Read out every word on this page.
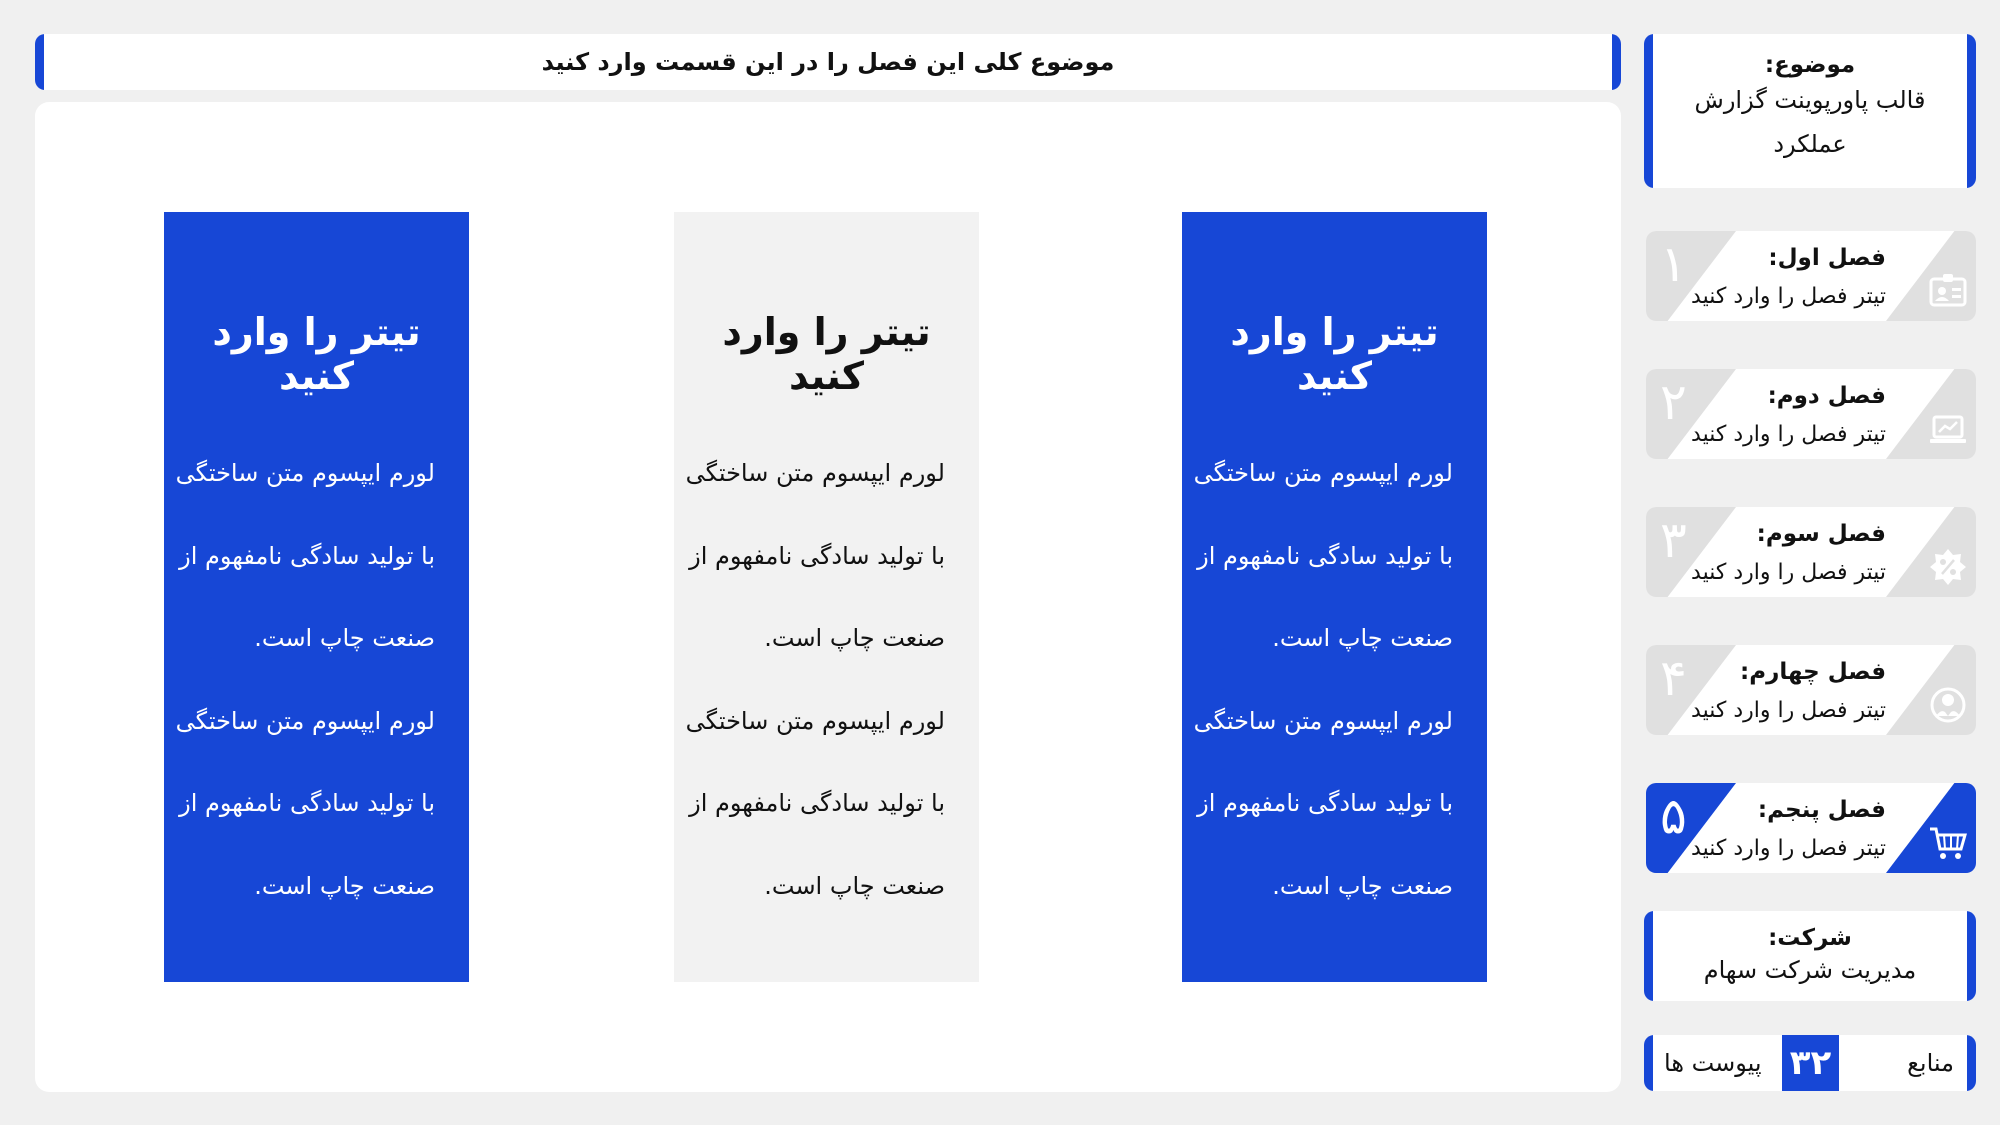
موضوع کلی این فصل را در این قسمت وارد کنید
تیتر را وارد کنید
لورم ایپسوم متن ساختگی
با تولید سادگی نامفهوم از
صنعت چاپ است.
لورم ایپسوم متن ساختگی
با تولید سادگی نامفهوم از
صنعت چاپ است.
تیتر را وارد کنید
لورم ایپسوم متن ساختگی
با تولید سادگی نامفهوم از
صنعت چاپ است.
لورم ایپسوم متن ساختگی
با تولید سادگی نامفهوم از
صنعت چاپ است.
تیتر را وارد کنید
لورم ایپسوم متن ساختگی
با تولید سادگی نامفهوم از
صنعت چاپ است.
لورم ایپسوم متن ساختگی
با تولید سادگی نامفهوم از
صنعت چاپ است.
موضوع:
قالب پاورپوینت گزارش عملکرد
۱	فصل اول:
تیتر فصل را وارد کنید
۲	فصل دوم:
تیتر فصل را وارد کنید
۳	فصل سوم:
تیتر فصل را وارد کنید
۴	فصل چهارم:
تیتر فصل را وارد کنید
۵	فصل پنجم:
تیتر فصل را وارد کنید
شرکت:
مدیریت شرکت سهام
منابع
۳۲
پیوست ها
